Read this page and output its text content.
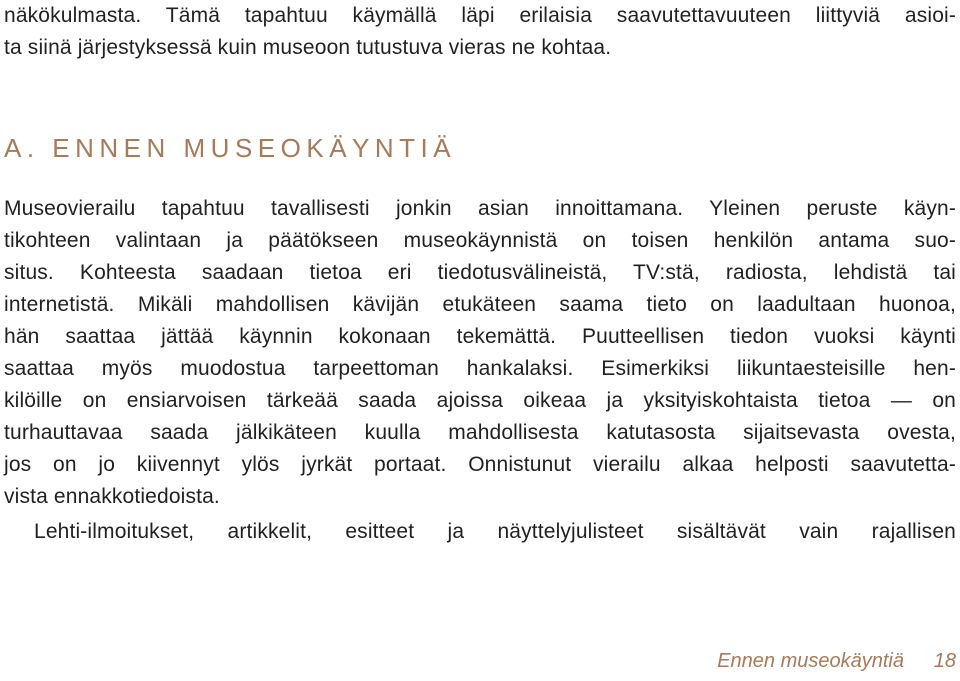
näkökulmasta. Tämä tapahtuu käymällä läpi erilaisia saavutettavuuteen liittyviä asioi-
ta siinä järjestyksessä kuin museoon tutustuva vieras ne kohtaa.
A. ENNEN MUSEOKÄYNTIÄ
Museovierailu tapahtuu tavallisesti jonkin asian innoittamana. Yleinen peruste käyn-
tikohteen valintaan ja päätökseen museokäynnistä on toisen henkilön antama suo-
situs. Kohteesta saadaan tietoa eri tiedotusvälineistä, TV:stä, radiosta, lehdistä tai
internetistä. Mikäli mahdollisen kävijän etukäteen saama tieto on laadultaan huonoa,
hän saattaa jättää käynnin kokonaan tekemättä. Puutteellisen tiedon vuoksi käynti
saattaa myös muodostua tarpeettoman hankalaksi. Esimerkiksi liikuntaesteisille hen-
kilöille on ensiarvoisen tärkeää saada ajoissa oikeaa ja yksityiskohtaista tietoa — on
turhauttavaa saada jälkikäteen kuulla mahdollisesta katutasosta sijaitsevasta ovesta,
jos on jo kiivennyt ylös jyrkät portaat. Onnistunut vierailu alkaa helposti saavutetta-
vista ennakkotiedoista.
Lehti-ilmoitukset, artikkelit, esitteet ja näyttelyjulisteet sisältävät vain rajallisen
Ennen museokäyntiä 18
